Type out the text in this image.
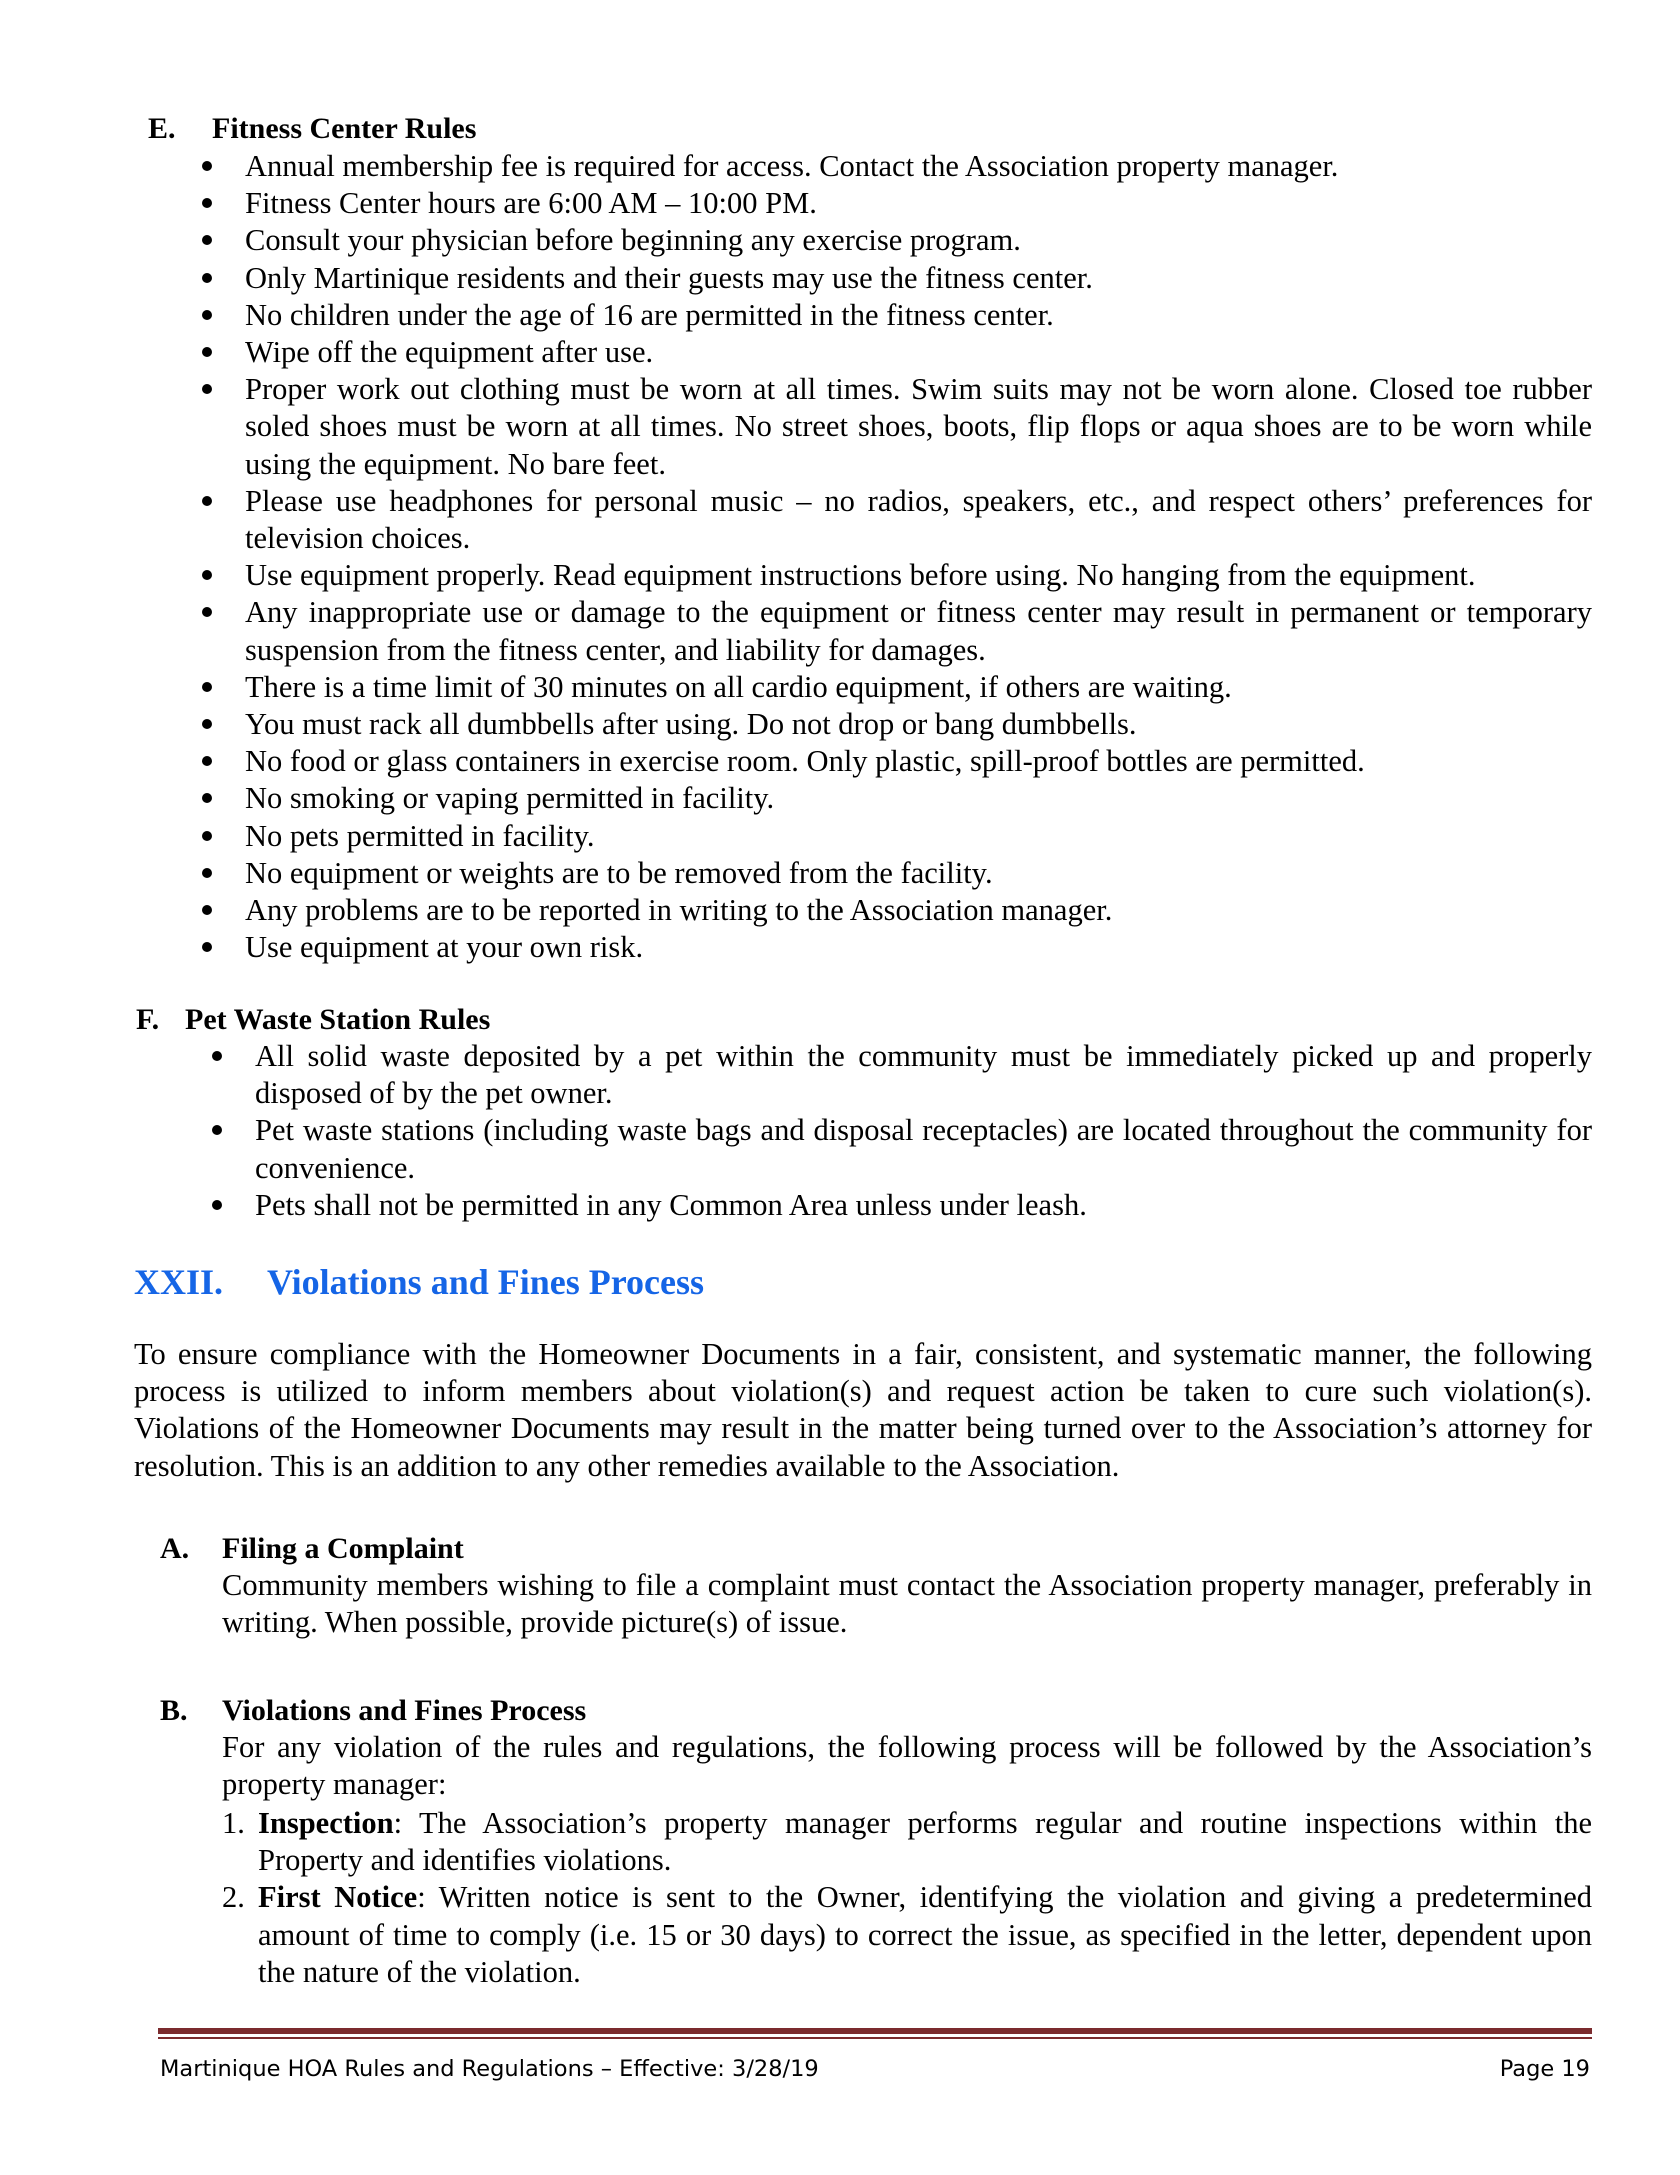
E. Fitness Center Rules
Annual membership fee is required for access. Contact the Association property manager.
Fitness Center hours are 6:00 AM – 10:00 PM.
Consult your physician before beginning any exercise program.
Only Martinique residents and their guests may use the fitness center.
No children under the age of 16 are permitted in the fitness center.
Wipe off the equipment after use.
Proper work out clothing must be worn at all times. Swim suits may not be worn alone. Closed toe rubber soled shoes must be worn at all times. No street shoes, boots, flip flops or aqua shoes are to be worn while using the equipment. No bare feet.
Please use headphones for personal music – no radios, speakers, etc., and respect others’ preferences for television choices.
Use equipment properly. Read equipment instructions before using. No hanging from the equipment.
Any inappropriate use or damage to the equipment or fitness center may result in permanent or temporary suspension from the fitness center, and liability for damages.
There is a time limit of 30 minutes on all cardio equipment, if others are waiting.
You must rack all dumbbells after using. Do not drop or bang dumbbells.
No food or glass containers in exercise room. Only plastic, spill-proof bottles are permitted.
No smoking or vaping permitted in facility.
No pets permitted in facility.
No equipment or weights are to be removed from the facility.
Any problems are to be reported in writing to the Association manager.
Use equipment at your own risk.
F. Pet Waste Station Rules
All solid waste deposited by a pet within the community must be immediately picked up and properly disposed of by the pet owner.
Pet waste stations (including waste bags and disposal receptacles) are located throughout the community for convenience.
Pets shall not be permitted in any Common Area unless under leash.
XXII. Violations and Fines Process

To ensure compliance with the Homeowner Documents in a fair, consistent, and systematic manner, the following process is utilized to inform members about violation(s) and request action be taken to cure such violation(s). Violations of the Homeowner Documents may result in the matter being turned over to the Association’s attorney for resolution. This is an addition to any other remedies available to the Association.

A. Filing a Complaint

Community members wishing to file a complaint must contact the Association property manager, preferably in writing. When possible, provide picture(s) of issue.

B. Violations and Fines Process

For any violation of the rules and regulations, the following process will be followed by the Association’s property manager:

1. Inspection: The Association’s property manager performs regular and routine inspections within the Property and identifies violations.
2. First Notice: Written notice is sent to the Owner, identifying the violation and giving a predetermined amount of time to comply (i.e. 15 or 30 days) to correct the issue, as specified in the letter, dependent upon the nature of the violation.
Martinique HOA Rules and Regulations – Effective: 3/28/19	Page 19
